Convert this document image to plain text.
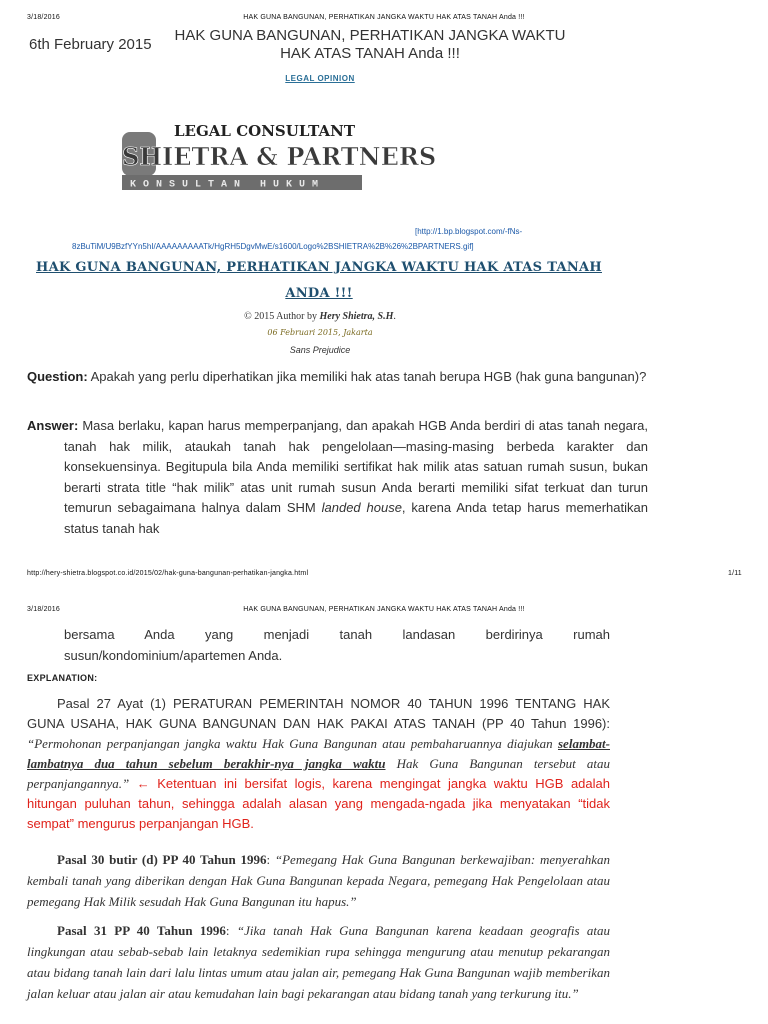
3/18/2016	HAK GUNA BANGUNAN, PERHATIKAN JANGKA WAKTU HAK ATAS TANAH Anda !!!
6th February 2015
HAK GUNA BANGUNAN, PERHATIKAN JANGKA WAKTU HAK ATAS TANAH Anda !!!
LEGAL OPINION
LEGAL CONSULTANT
SHIETRA & PARTNERS
KONSULTAN HUKUM
[http://1.bp.blogspot.com/-fNs-
8zBuTiM/U9BzfYYn5hI/AAAAAAAAATk/HgRH5DgvMwE/s1600/Logo%2BSHIETRA%2B%26%2BPARTNERS.gif]
HAK GUNA BANGUNAN, PERHATIKAN JANGKA WAKTU HAK ATAS TANAH ANDA !!!
© 2015 Author by Hery Shietra, S.H.
06 Februari 2015, Jakarta
Sans Prejudice
Question: Apakah yang perlu diperhatikan jika memiliki hak atas tanah berupa HGB (hak guna bangunan)?
Answer: Masa berlaku, kapan harus memperpanjang, dan apakah HGB Anda berdiri di atas tanah negara, tanah hak milik, ataukah tanah hak pengelolaan—masing-masing berbeda karakter dan konsekuensinya. Begitupula bila Anda memiliki sertifikat hak milik atas satuan rumah susun, bukan berarti strata title “hak milik” atas unit rumah susun Anda berarti memiliki sifat terkuat dan turun temurun sebagaimana halnya dalam SHM landed house, karena Anda tetap harus memerhatikan status tanah hak
http://hery-shietra.blogspot.co.id/2015/02/hak-guna-bangunan-perhatikan-jangka.html	1/11
3/18/2016	HAK GUNA BANGUNAN, PERHATIKAN JANGKA WAKTU HAK ATAS TANAH Anda !!!
bersama Anda yang menjadi tanah landasan berdirinya rumah
susun/kondominium/apartemen Anda.
EXPLANATION:
Pasal 27 Ayat (1) PERATURAN PEMERINTAH NOMOR 40 TAHUN 1996 TENTANG HAK GUNA USAHA, HAK GUNA BANGUNAN DAN HAK PAKAI ATAS TANAH (PP 40 Tahun 1996): “Permohonan perpanjangan jangka waktu Hak Guna Bangunan atau pembaharuannya diajukan selambat-lambatnya dua tahun sebelum berakhir-nya jangka waktu Hak Guna Bangunan tersebut atau perpanjangannya.” ← Ketentuan ini bersifat logis, karena mengingat jangka waktu HGB adalah hitungan puluhan tahun, sehingga adalah alasan yang mengada-ngada jika menyatakan “tidak sempat” mengurus perpanjangan HGB.
Pasal 30 butir (d) PP 40 Tahun 1996: “Pemegang Hak Guna Bangunan berkewajiban: menyerahkan kembali tanah yang diberikan dengan Hak Guna Bangunan kepada Negara, pemegang Hak Pengelolaan atau pemegang Hak Milik sesudah Hak Guna Bangunan itu hapus.”
Pasal 31 PP 40 Tahun 1996: “Jika tanah Hak Guna Bangunan karena keadaan geografis atau lingkungan atau sebab-sebab lain letaknya sedemikian rupa sehingga mengurung atau menutup pekarangan atau bidang tanah lain dari lalu lintas umum atau jalan air, pemegang Hak Guna Bangunan wajib memberikan jalan keluar atau jalan air atau kemudahan lain bagi pekarangan atau bidang tanah yang terkurung itu.”
